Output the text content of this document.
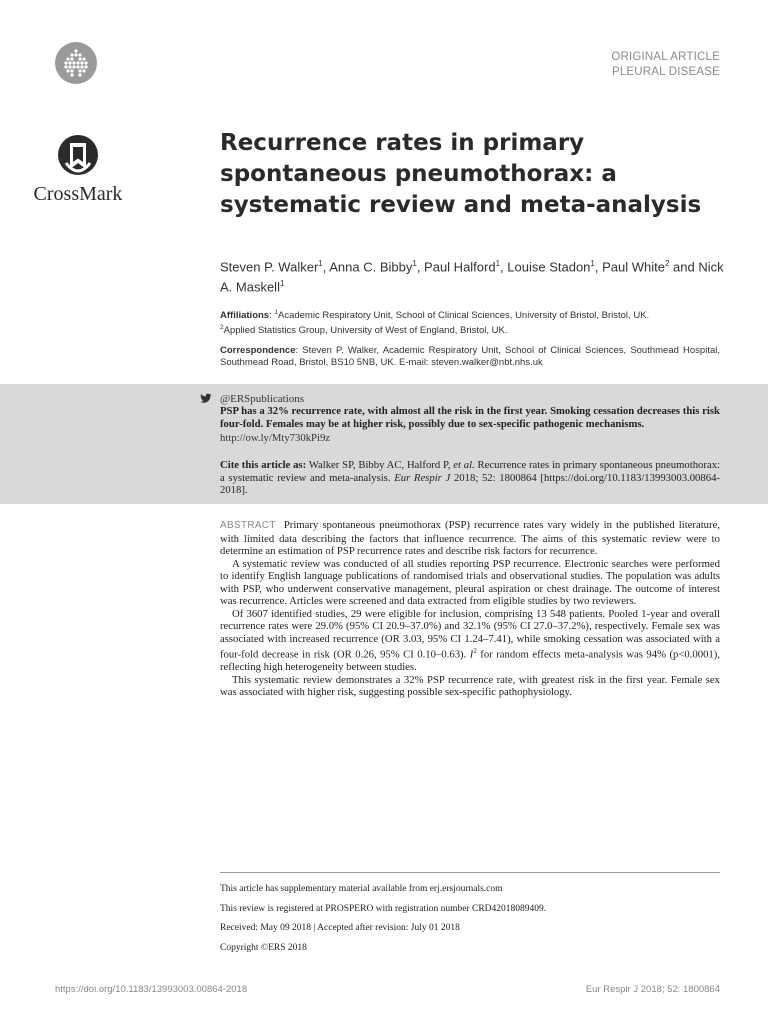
CrossMark
ORIGINAL ARTICLE
PLEURAL DISEASE
Recurrence rates in primary spontaneous pneumothorax: a systematic review and meta-analysis
Steven P. Walker$^1$, Anna C. Bibby$^1$, Paul Halford$^1$, Louise Stadon$^1$, Paul White$^2$ and Nick A. Maskell$^1$
Affiliations: $^1$Academic Respiratory Unit, School of Clinical Sciences, University of Bristol, Bristol, UK.
$^2$Applied Statistics Group, University of West of England, Bristol, UK.
Correspondence: Steven P. Walker, Academic Respiratory Unit, School of Clinical Sciences, Southmead Hospital, Southmead Road, Bristol, BS10 5NB, UK. E-mail: steven.walker@nbt.nhs.uk
@ERSpublications
PSP has a 32% recurrence rate, with almost all the risk in the first year. Smoking cessation decreases this risk four-fold. Females may be at higher risk, possibly due to sex-specific pathogenic mechanisms.
http://ow.ly/Mty730kPi9z
Cite this article as: Walker SP, Bibby AC, Halford P, et al. Recurrence rates in primary spontaneous pneumothorax: a systematic review and meta-analysis. Eur Respir J 2018; 52: 1800864 [https://doi.org/10.1183/13993003.00864-2018].

ABSTRACT Primary spontaneous pneumothorax (PSP) recurrence rates vary widely in the published literature, with limited data describing the factors that influence recurrence. The aims of this systematic review were to determine an estimation of PSP recurrence rates and describe risk factors for recurrence.

A systematic review was conducted of all studies reporting PSP recurrence. Electronic searches were performed to identify English language publications of randomised trials and observational studies. The population was adults with PSP, who underwent conservative management, pleural aspiration or chest drainage. The outcome of interest was recurrence. Articles were screened and data extracted from eligible studies by two reviewers.

Of 3607 identified studies, 29 were eligible for inclusion, comprising 13 548 patients. Pooled 1-year and overall recurrence rates were 29.0% (95% CI 20.9–37.0%) and 32.1% (95% CI 27.0–37.2%), respectively. Female sex was associated with increased recurrence (OR 3.03, 95% CI 1.24–7.41), while smoking cessation was associated with a four-fold decrease in risk (OR 0.26, 95% CI 0.10–0.63). $I^2$ for random effects meta-analysis was 94% (p<0.0001), reflecting high heterogeneity between studies.

This systematic review demonstrates a 32% PSP recurrence rate, with greatest risk in the first year. Female sex was associated with higher risk, suggesting possible sex-specific pathophysiology.

This article has supplementary material available from erj.ersjournals.com
This review is registered at PROSPERO with registration number CRD42018089409.
Received: May 09 2018 | Accepted after revision: July 01 2018
Copyright ©ERS 2018
https://doi.org/10.1183/13993003.00864-2018	Eur Respir J 2018; 52: 1800864
